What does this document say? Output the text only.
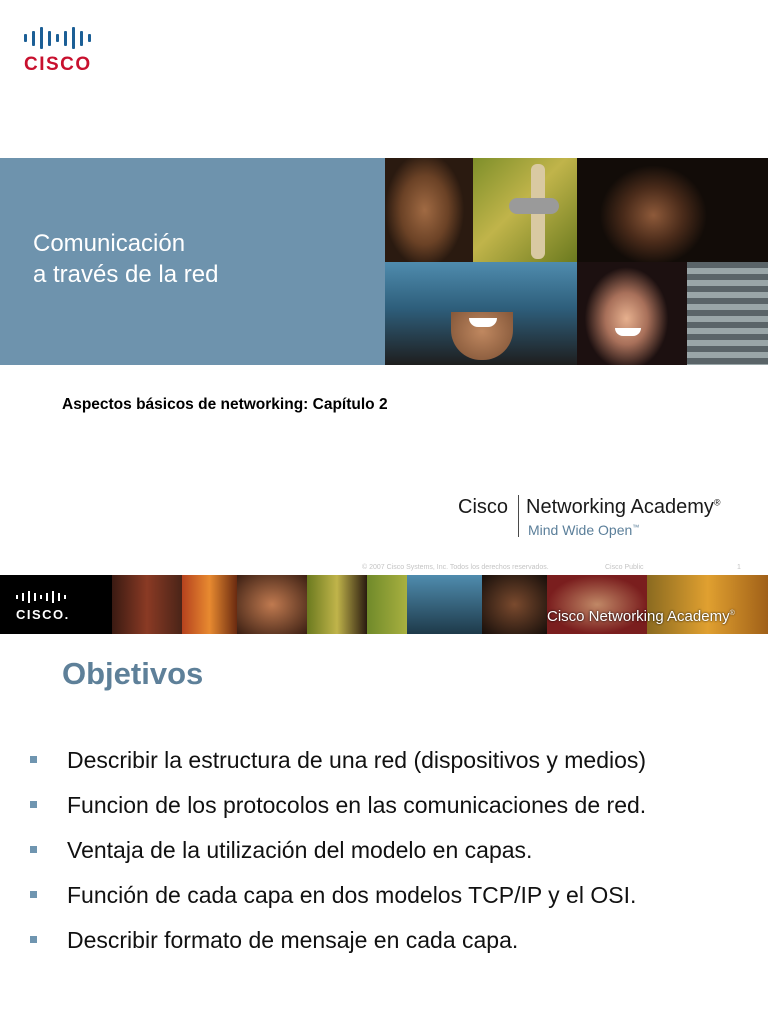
CISCO
Comunicación
a través de la red
Aspectos básicos de networking: Capítulo 2
Cisco Networking Academy®
Mind Wide Open™
© 2007 Cisco Systems, Inc. Todos los derechos reservados.	Cisco Public	1
CISCO.	Cisco Networking Academy®
Objetivos
Describir la estructura de una red (dispositivos y medios)
Funcion de los protocolos en las comunicaciones de red.
Ventaja de la utilización del modelo en capas.
Función de cada capa en dos modelos TCP/IP y el OSI.
Describir formato de mensaje en cada capa.
